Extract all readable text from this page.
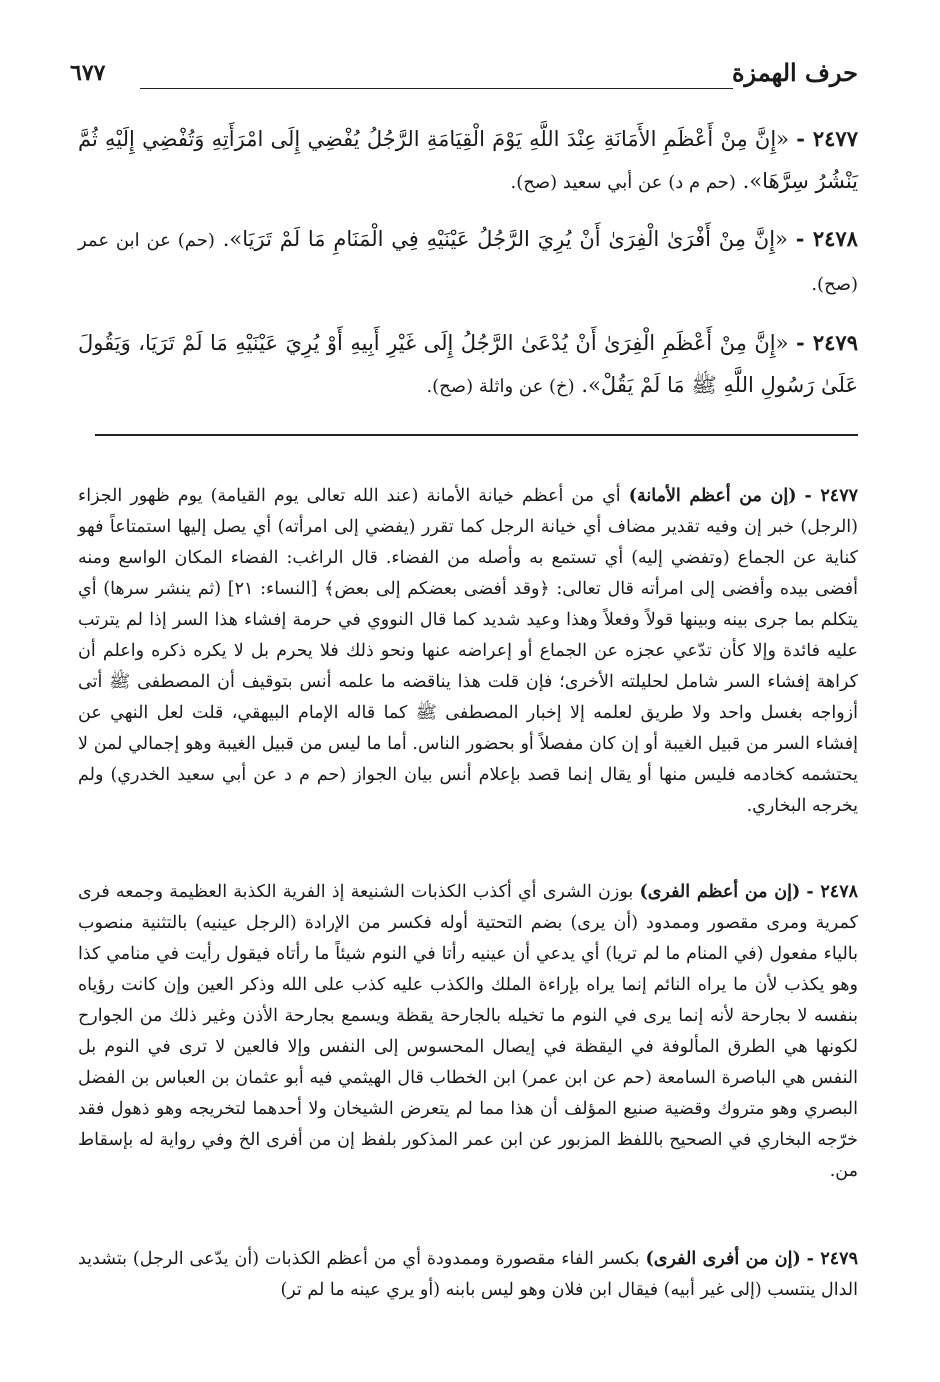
حرف الهمزة
٦٧٧
٢٤٧٧ - «إِنَّ مِنْ أَعْظَمِ الأَمَانَةِ عِنْدَ اللَّهِ يَوْمَ الْقِيَامَةِ الرَّجُلُ يُفْضِي إِلَى امْرَأَتِهِ وَتُفْضِي إِلَيْهِ ثُمَّ يَنْشُرُ سِرَّهَا». (حم م د) عن أبي سعيد (صح).
٢٤٧٨ - «إِنَّ مِنْ أَفْرَىٰ الْفِرَىٰ أَنْ يُرِيَ الرَّجُلُ عَيْنَيْهِ فِي الْمَنَامِ مَا لَمْ تَرَيَا». (حم) عن ابن عمر (صح).
٢٤٧٩ - «إِنَّ مِنْ أَعْظَمِ الْفِرَىٰ أَنْ يُدْعَىٰ الرَّجُلُ إِلَى غَيْرِ أَبِيهِ أَوْ يُرِيَ عَيْنَيْهِ مَا لَمْ تَرَيَا، وَيَقُولَ عَلَىٰ رَسُولِ اللَّهِ ﷺ مَا لَمْ يَقُلْ». (خ) عن واثلة (صح).
٢٤٧٧ - (إن من أعظم الأمانة) أي من أعظم خيانة الأمانة (عند الله تعالى يوم القيامة) يوم ظهور الجزاء (الرجل) خبر إن وفيه تقدير مضاف أي خيانة الرجل كما تقرر (يفضي إلى امرأته) أي يصل إليها استمتاعاً فهو كناية عن الجماع (وتفضي إليه) أي تستمع به وأصله من الفضاء. قال الراغب: الفضاء المكان الواسع ومنه أفضى بيده وأفضى إلى امرأته قال تعالى: ﴿وقد أفضى بعضكم إلى بعض﴾ [النساء: ٢١] (ثم ينشر سرها) أي يتكلم بما جرى بينه وبينها قولاً وفعلاً وهذا وعيد شديد كما قال النووي في حرمة إفشاء هذا السر إذا لم يترتب عليه فائدة وإلا كأن تدّعي عجزه عن الجماع أو إعراضه عنها ونحو ذلك فلا يحرم بل لا يكره ذكره واعلم أن كراهة إفشاء السر شامل لحليلته الأخرى؛ فإن قلت هذا يناقضه ما علمه أنس بتوقيف أن المصطفى ﷺ أتى أزواجه بغسل واحد ولا طريق لعلمه إلا إخبار المصطفى ﷺ كما قاله الإمام البيهقي، قلت لعل النهي عن إفشاء السر من قبيل الغيبة أو إن كان مفصلاً أو بحضور الناس. أما ما ليس من قبيل الغيبة وهو إجمالي لمن لا يحتشمه كخادمه فليس منها أو يقال إنما قصد بإعلام أنس بيان الجواز (حم م د عن أبي سعيد الخدري) ولم يخرجه البخاري.
٢٤٧٨ - (إن من أعظم الفرى) بوزن الشرى أي أكذب الكذبات الشنيعة إذ الفرية الكذبة العظيمة وجمعه فرى كمرية ومرى مقصور وممدود (أن يرى) بضم التحتية أوله فكسر من الإرادة (الرجل عينيه) بالتثنية منصوب بالياء مفعول (في المنام ما لم تريا) أي يدعي أن عينيه رأتا في النوم شيئاً ما رأتاه فيقول رأيت في منامي كذا وهو يكذب لأن ما يراه النائم إنما يراه بإراءة الملك والكذب عليه كذب على الله وذكر العين وإن كانت رؤياه بنفسه لا بجارحة لأنه إنما يرى في النوم ما تخيله بالجارحة يقظة ويسمع بجارحة الأذن وغير ذلك من الجوارح لكونها هي الطرق المألوفة في اليقظة في إيصال المحسوس إلى النفس وإلا فالعين لا ترى في النوم بل النفس هي الباصرة السامعة (حم عن ابن عمر) ابن الخطاب قال الهيثمي فيه أبو عثمان بن العباس بن الفضل البصري وهو متروك وقضية صنيع المؤلف أن هذا مما لم يتعرض الشيخان ولا أحدهما لتخريجه وهو ذهول فقد خرّجه البخاري في الصحيح باللفظ المزبور عن ابن عمر المذكور بلفظ إن من أفرى الخ وفي رواية له بإسقاط من.
٢٤٧٩ - (إن من أفرى الفرى) بكسر الفاء مقصورة وممدودة أي من أعظم الكذبات (أن يدّعى الرجل) بتشديد الدال ينتسب (إلى غير أبيه) فيقال ابن فلان وهو ليس بابنه (أو يري عينه ما لم تر)
